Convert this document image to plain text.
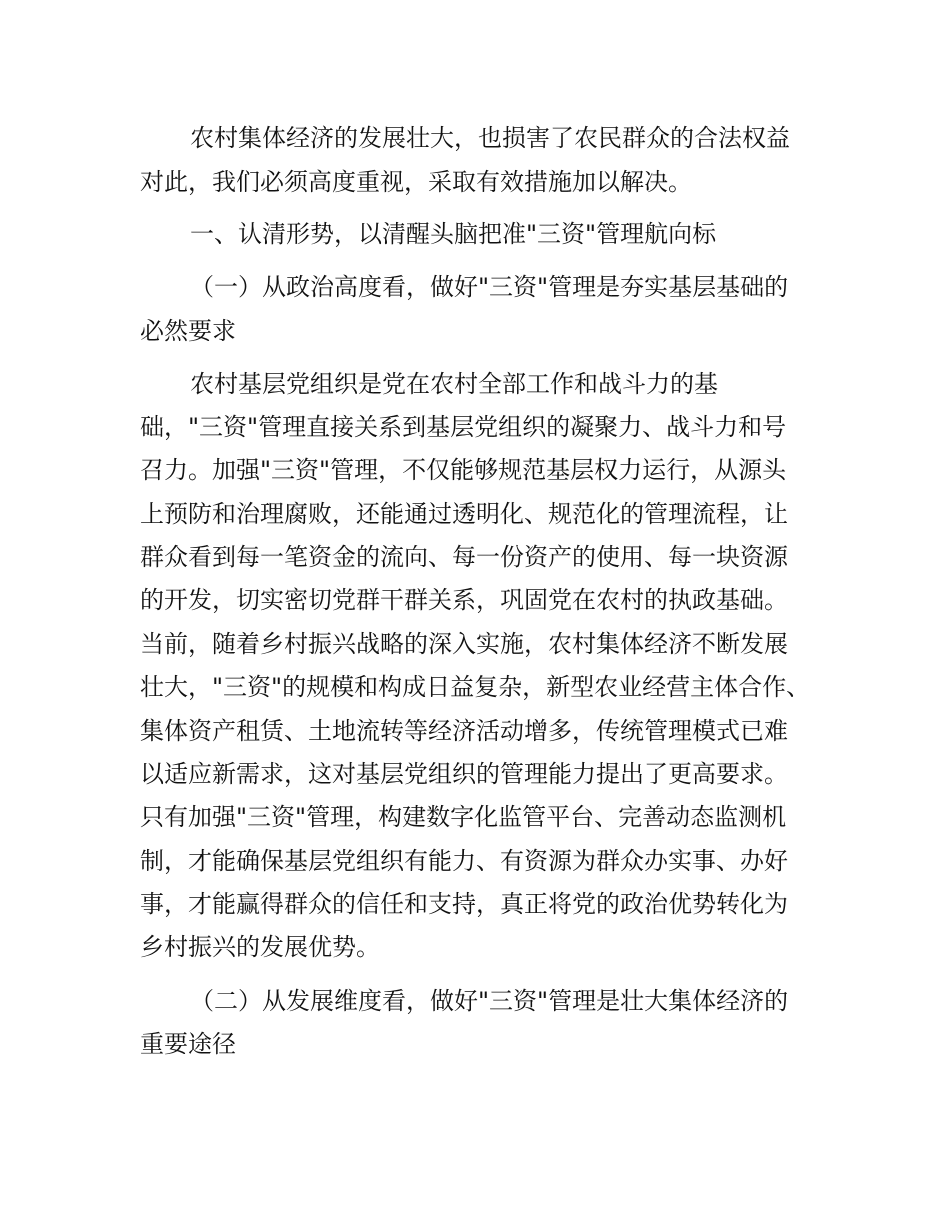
农村集体经济的发展壮大，也损害了农民群众的合法权益

对此，我们必须高度重视，采取有效措施加以解决。

一、认清形势，以清醒头脑把准"三资"管理航向标

（一）从政治高度看，做好"三资"管理是夯实基层基础的

必然要求

农村基层党组织是党在农村全部工作和战斗力的基

础，"三资"管理直接关系到基层党组织的凝聚力、战斗力和号

召力。加强"三资"管理，不仅能够规范基层权力运行，从源头

上预防和治理腐败，还能通过透明化、规范化的管理流程，让

群众看到每一笔资金的流向、每一份资产的使用、每一块资源

的开发，切实密切党群干群关系，巩固党在农村的执政基础。

当前，随着乡村振兴战略的深入实施，农村集体经济不断发展

壮大，"三资"的规模和构成日益复杂，新型农业经营主体合作、

集体资产租赁、土地流转等经济活动增多，传统管理模式已难

以适应新需求，这对基层党组织的管理能力提出了更高要求。

只有加强"三资"管理，构建数字化监管平台、完善动态监测机

制，才能确保基层党组织有能力、有资源为群众办实事、办好

事，才能赢得群众的信任和支持，真正将党的政治优势转化为

乡村振兴的发展优势。

（二）从发展维度看，做好"三资"管理是壮大集体经济的

重要途径
